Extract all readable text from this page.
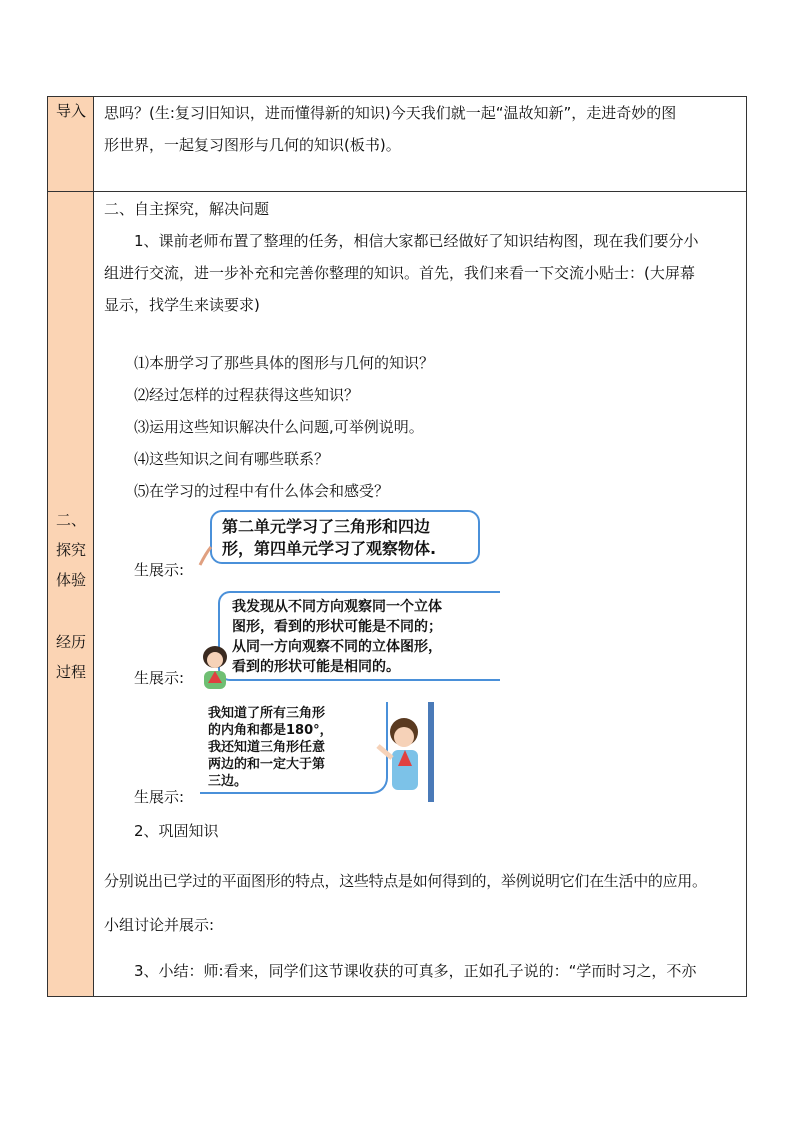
导入	思吗？(生:复习旧知识，进而懂得新的知识)今天我们就一起“温故知新”，走进奇妙的图

形世界，一起复习图形与几何的知识(板书)。

二、
探究
体验
经历
过程

二、自主探究，解决问题

1、课前老师布置了整理的任务，相信大家都已经做好了知识结构图，现在我们要分小

组进行交流，进一步补充和完善你整理的知识。首先，我们来看一下交流小贴士：(大屏幕

显示，找学生来读要求)

⑴本册学习了那些具体的图形与几何的知识？

⑵经过怎样的过程获得这些知识？

⑶运用这些知识解决什么问题,可举例说明。

⑷这些知识之间有哪些联系？

⑸在学习的过程中有什么体会和感受？

生展示:
第二单元学习了三角形和四边
形，第四单元学习了观察物体.
生展示:
我发现从不同方向观察同一个立体
图形，看到的形状可能是不同的；
从同一方向观察不同的立体图形，
看到的形状可能是相同的。
生展示:
我知道了所有三角形
的内角和都是180°，
我还知道三角形任意
两边的和一定大于第
三边。

2、巩固知识

分别说出已学过的平面图形的特点，这些特点是如何得到的，举例说明它们在生活中的应用。

小组讨论并展示:

3、小结：师:看来，同学们这节课收获的可真多，正如孔子说的：“学而时习之，不亦
